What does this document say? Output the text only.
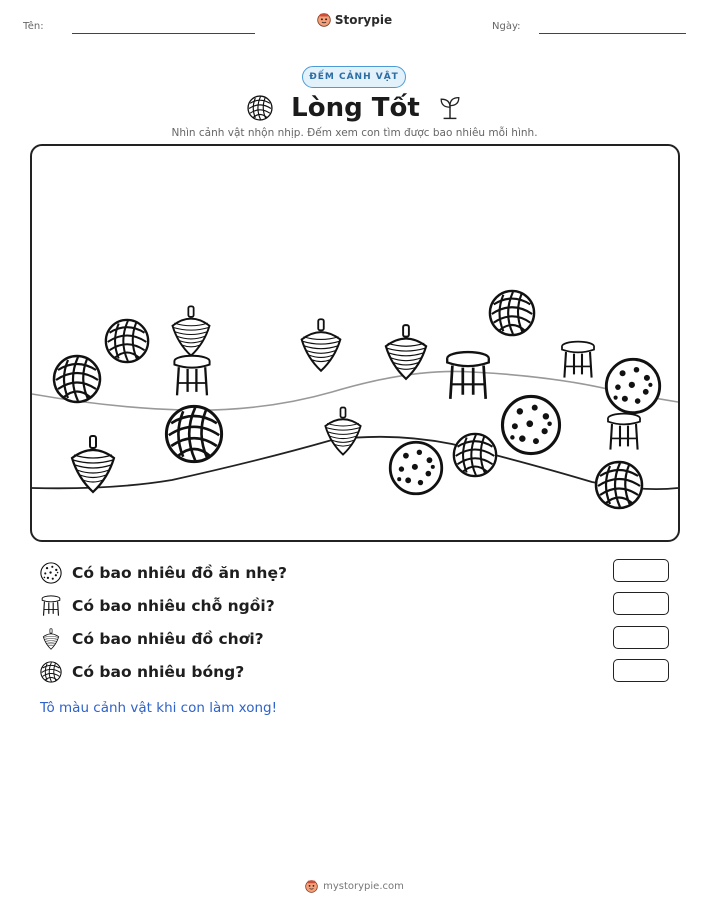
Tên:	Storypie	Ngày:
ĐẾM CẢNH VẬT
Lòng Tốt
Nhìn cảnh vật nhộn nhịp. Đếm xem con tìm được bao nhiêu mỗi hình.
Có bao nhiêu đồ ăn nhẹ?
Có bao nhiêu chỗ ngồi?
Có bao nhiêu đồ chơi?
Có bao nhiêu bóng?
Tô màu cảnh vật khi con làm xong!
mystorypie.com
